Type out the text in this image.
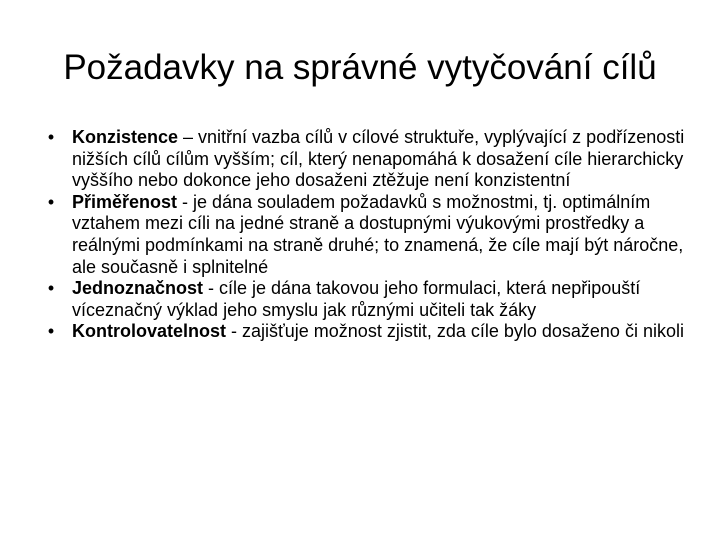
Požadavky na správné vytyčování cílů
• Konzistence – vnitřní vazba cílů v cílové struktuře, vyplývající z podřízenosti nižších cílů cílům vyšším; cíl, který nenapomáhá k dosažení cíle hierarchicky vyššího nebo dokonce jeho dosaženi ztěžuje není konzistentní
• Přiměřenost - je dána souladem požadavků s možnostmi, tj. optimálním vztahem mezi cíli na jedné straně a dostupnými výukovými prostředky a reálnými podmínkami na straně druhé; to znamená, že cíle mají být náročne, ale současně i splnitelné
• Jednoznačnost - cíle je dána takovou jeho formulaci, která nepřipouští víceznačný výklad jeho smyslu jak různými učiteli tak žáky
• Kontrolovatelnost - zajišťuje možnost zjistit, zda cíle bylo dosaženo či nikoli
